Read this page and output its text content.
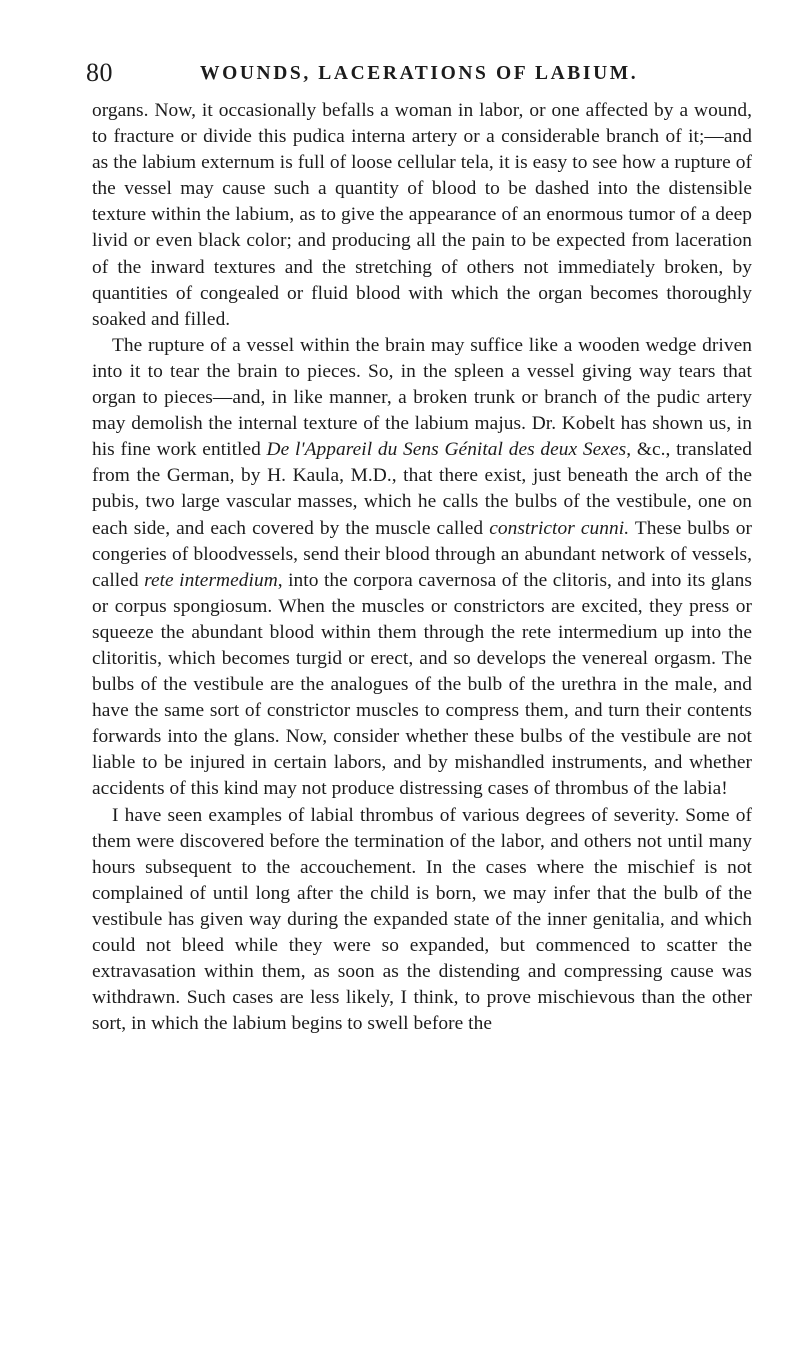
80	WOUNDS, LACERATIONS OF LABIUM.

organs. Now, it occasionally befalls a woman in labor, or one affected by a wound, to fracture or divide this pudica interna artery or a considerable branch of it;—and as the labium externum is full of loose cellular tela, it is easy to see how a rupture of the vessel may cause such a quantity of blood to be dashed into the distensible texture within the labium, as to give the appearance of an enormous tumor of a deep livid or even black color; and producing all the pain to be expected from laceration of the inward textures and the stretching of others not immediately broken, by quantities of congealed or fluid blood with which the organ becomes thoroughly soaked and filled.

The rupture of a vessel within the brain may suffice like a wooden wedge driven into it to tear the brain to pieces. So, in the spleen a vessel giving way tears that organ to pieces—and, in like manner, a broken trunk or branch of the pudic artery may demolish the internal texture of the labium majus. Dr. Kobelt has shown us, in his fine work entitled De l'Appareil du Sens Génital des deux Sexes, &c., translated from the German, by H. Kaula, M.D., that there exist, just beneath the arch of the pubis, two large vascular masses, which he calls the bulbs of the vestibule, one on each side, and each covered by the muscle called constrictor cunni. These bulbs or congeries of bloodvessels, send their blood through an abundant network of vessels, called rete intermedium, into the corpora cavernosa of the clitoris, and into its glans or corpus spongiosum. When the muscles or constrictors are excited, they press or squeeze the abundant blood within them through the rete intermedium up into the clitoritis, which becomes turgid or erect, and so develops the venereal orgasm. The bulbs of the vestibule are the analogues of the bulb of the urethra in the male, and have the same sort of constrictor muscles to compress them, and turn their contents forwards into the glans. Now, consider whether these bulbs of the vestibule are not liable to be injured in certain labors, and by mishandled instruments, and whether accidents of this kind may not produce distressing cases of thrombus of the labia!

I have seen examples of labial thrombus of various degrees of severity. Some of them were discovered before the termination of the labor, and others not until many hours subsequent to the accouchement. In the cases where the mischief is not complained of until long after the child is born, we may infer that the bulb of the vestibule has given way during the expanded state of the inner genitalia, and which could not bleed while they were so expanded, but commenced to scatter the extravasation within them, as soon as the distending and compressing cause was withdrawn. Such cases are less likely, I think, to prove mischievous than the other sort, in which the labium begins to swell before the
